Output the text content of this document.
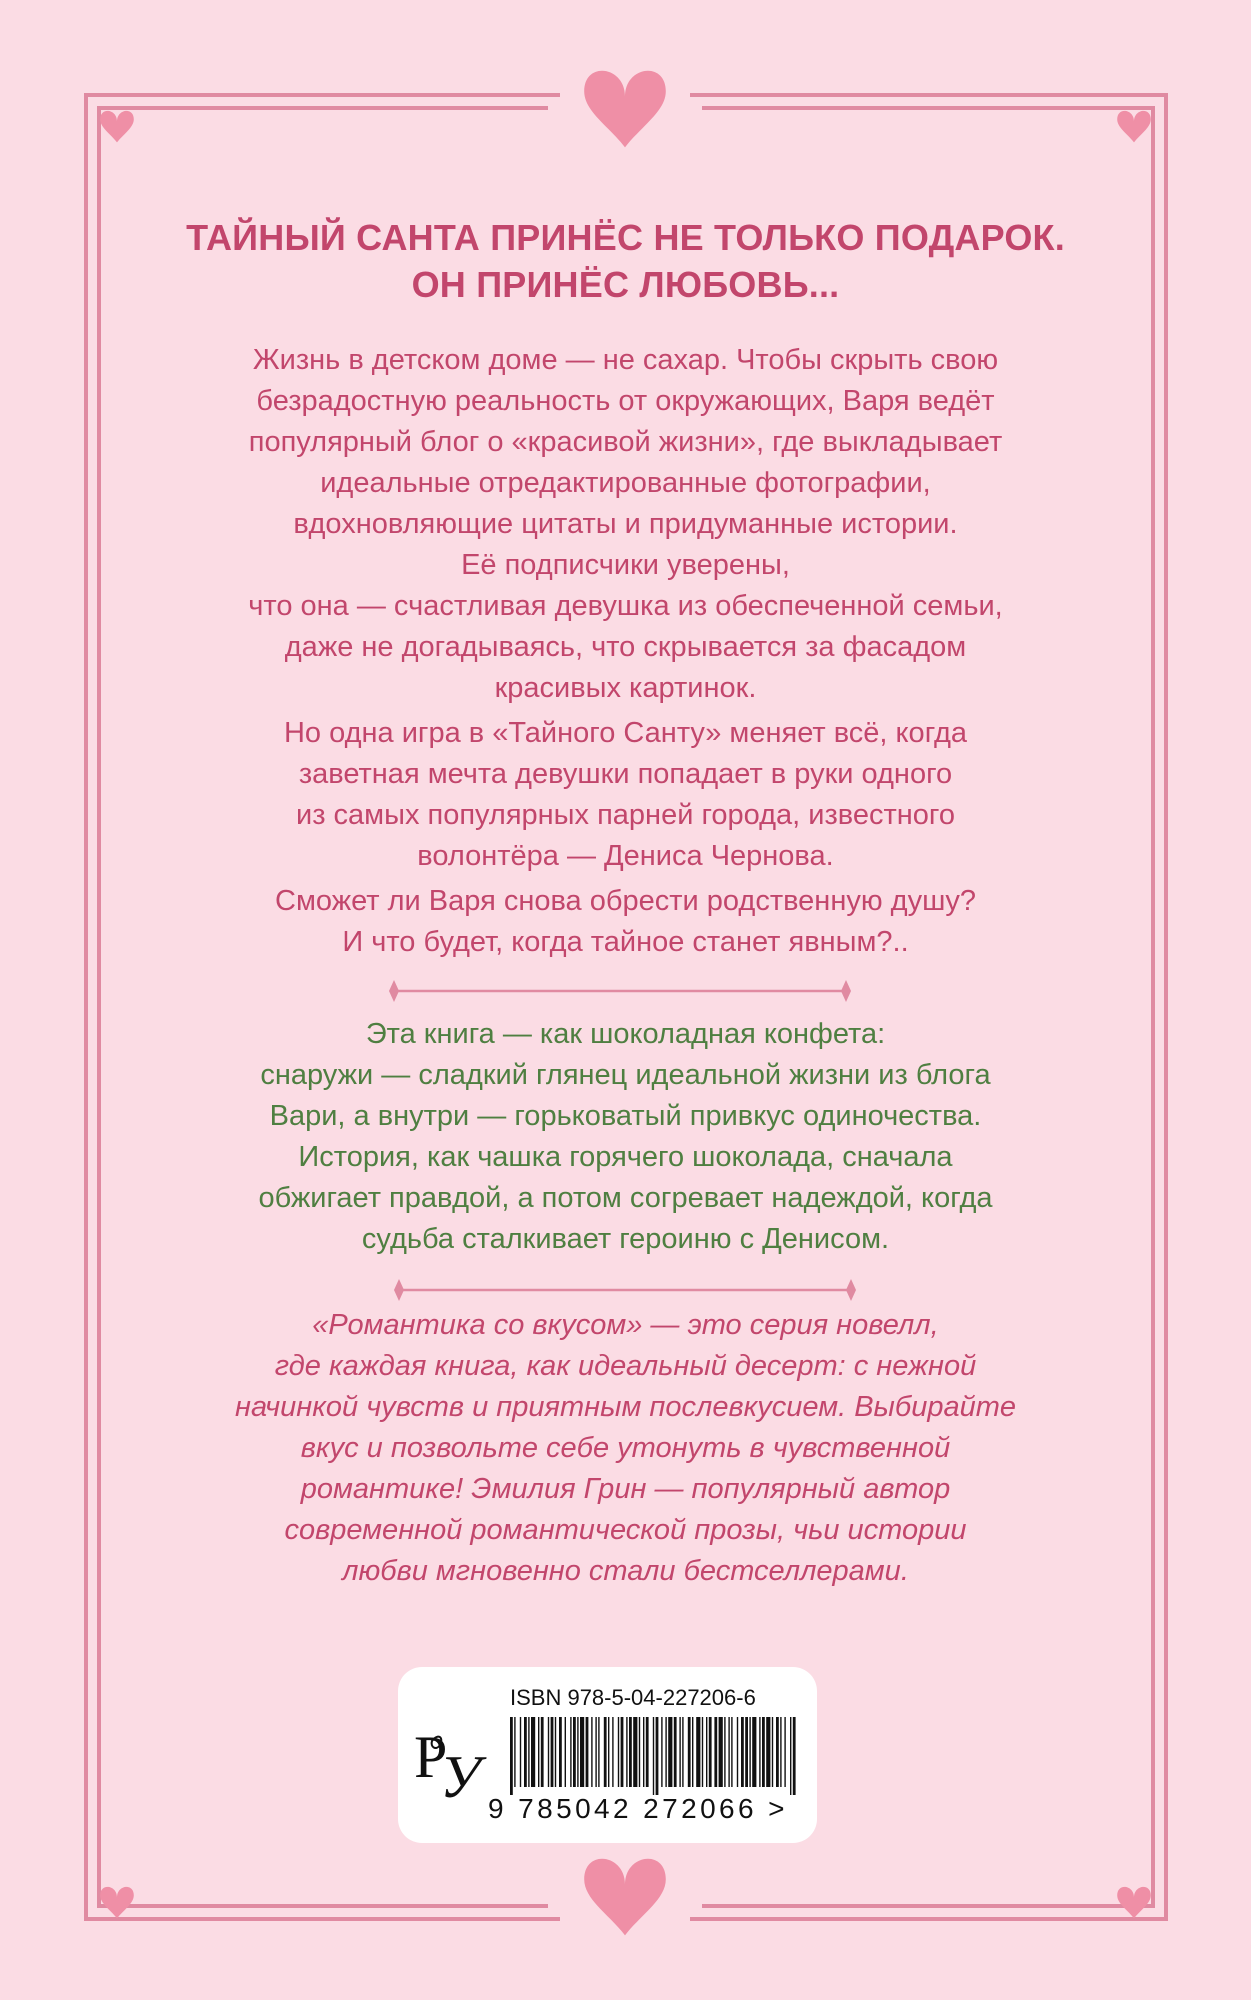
ТАЙНЫЙ САНТА ПРИНЁС НЕ ТОЛЬКО ПОДАРОК.
ОН ПРИНЁС ЛЮБОВЬ...
Жизнь в детском доме — не сахар. Чтобы скрыть свою
безрадостную реальность от окружающих, Варя ведёт
популярный блог о «красивой жизни», где выкладывает
идеальные отредактированные фотографии,
вдохновляющие цитаты и придуманные истории.
Её подписчики уверены,
что она — счастливая девушка из обеспеченной семьи,
даже не догадываясь, что скрывается за фасадом
красивых картинок.
Но одна игра в «Тайного Санту» меняет всё, когда
заветная мечта девушки попадает в руки одного
из самых популярных парней города, известного
волонтёра — Дениса Чернова.
Сможет ли Варя снова обрести родственную душу?
И что будет, когда тайное станет явным?..
Эта книга — как шоколадная конфета:
снаружи — сладкий глянец идеальной жизни из блога
Вари, а внутри — горьковатый привкус одиночества.
История, как чашка горячего шоколада, сначала
обжигает правдой, а потом согревает надеждой, когда
судьба сталкивает героиню с Денисом.
«Романтика со вкусом» — это серия новелл,
где каждая книга, как идеальный десерт: с нежной
начинкой чувств и приятным послевкусием. Выбирайте
вкус и позвольте себе утонуть в чувственной
романтике! Эмилия Грин — популярный автор
современной романтической прозы, чьи истории
любви мгновенно стали бестселлерами.
Р
У
ISBN 978-5-04-227206-6
9 785042 272066 >
